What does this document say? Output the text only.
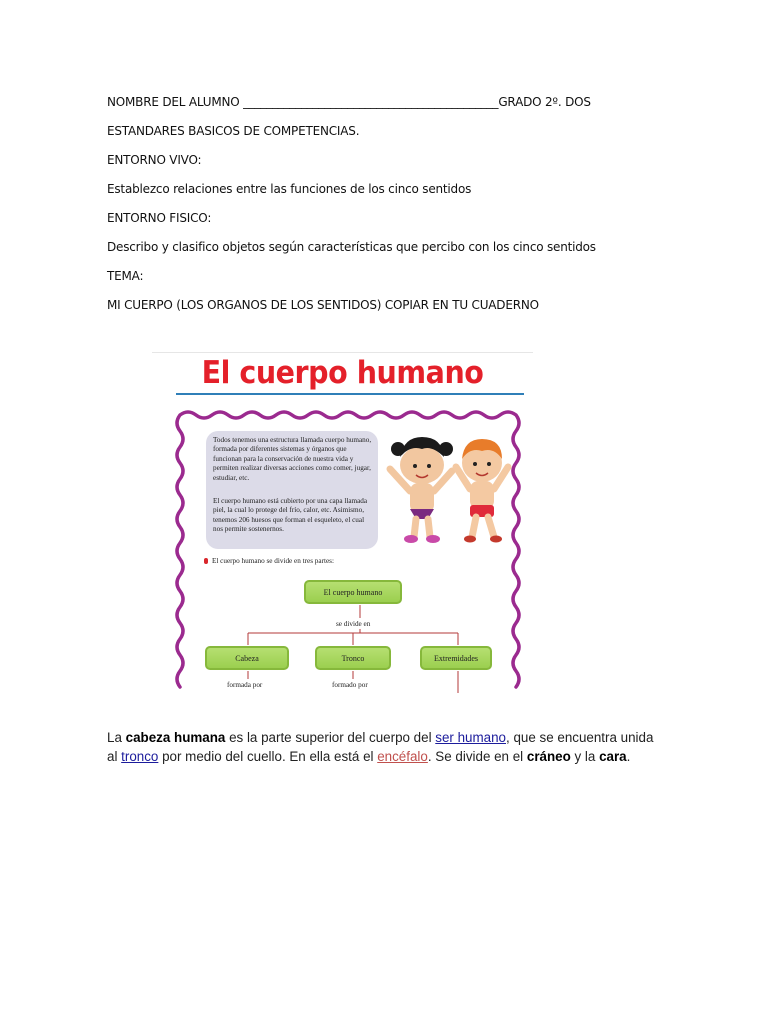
NOMBRE DEL ALUMNO ____________________________________________GRADO 2º. DOS
ESTANDARES BASICOS DE COMPETENCIAS.
ENTORNO VIVO:
Establezco relaciones entre las funciones de los cinco sentidos
ENTORNO FISICO:
Describo y clasifico objetos según características que percibo con los cinco sentidos
TEMA:
MI CUERPO (LOS ORGANOS DE LOS SENTIDOS) COPIAR EN TU CUADERNO
El cuerpo humano
Todos tenemos una estructura llamada cuerpo humano, formada por diferentes sistemas y órganos que funcionan para la conservación de nuestra vida y permiten realizar diversas acciones como comer, jugar, estudiar, etc.
El cuerpo humano está cubierto por una capa llamada piel, la cual lo protege del frío, calor, etc. Asimismo, tenemos 206 huesos que forman el esqueleto, el cual nos permite sostenernos.
El cuerpo humano se divide en tres partes:
El cuerpo humano
se divide en
Cabeza	Tronco	Extremidades
formada por	formado por
La cabeza humana es la parte superior del cuerpo del ser humano, que se encuentra unida al tronco por medio del cuello. En ella está el encéfalo. Se divide en el cráneo y la cara.
